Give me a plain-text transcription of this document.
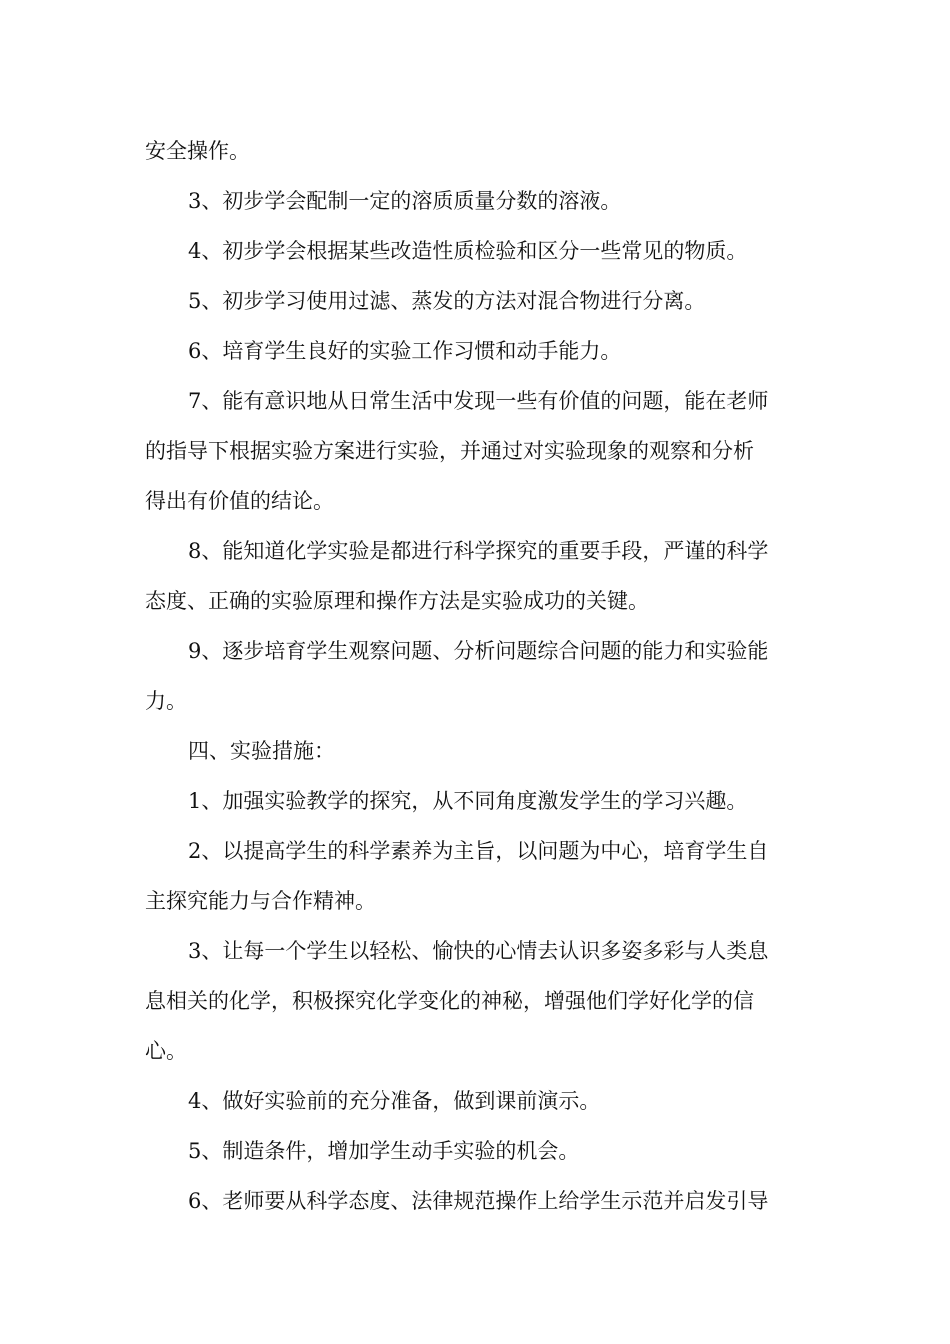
安全操作。
3、初步学会配制一定的溶质质量分数的溶液。
4、初步学会根据某些改造性质检验和区分一些常见的物质。
5、初步学习使用过滤、蒸发的方法对混合物进行分离。
6、培育学生良好的实验工作习惯和动手能力。
7、能有意识地从日常生活中发现一些有价值的问题，能在老师
的指导下根据实验方案进行实验，并通过对实验现象的观察和分析
得出有价值的结论。
8、能知道化学实验是都进行科学探究的重要手段，严谨的科学
态度、正确的实验原理和操作方法是实验成功的关键。
9、逐步培育学生观察问题、分析问题综合问题的能力和实验能
力。
四、实验措施：
1、加强实验教学的探究，从不同角度激发学生的学习兴趣。
2、以提高学生的科学素养为主旨，以问题为中心，培育学生自
主探究能力与合作精神。
3、让每一个学生以轻松、愉快的心情去认识多姿多彩与人类息
息相关的化学，积极探究化学变化的神秘，增强他们学好化学的信
心。
4、做好实验前的充分准备，做到课前演示。
5、制造条件，增加学生动手实验的机会。
6、老师要从科学态度、法律规范操作上给学生示范并启发引导
